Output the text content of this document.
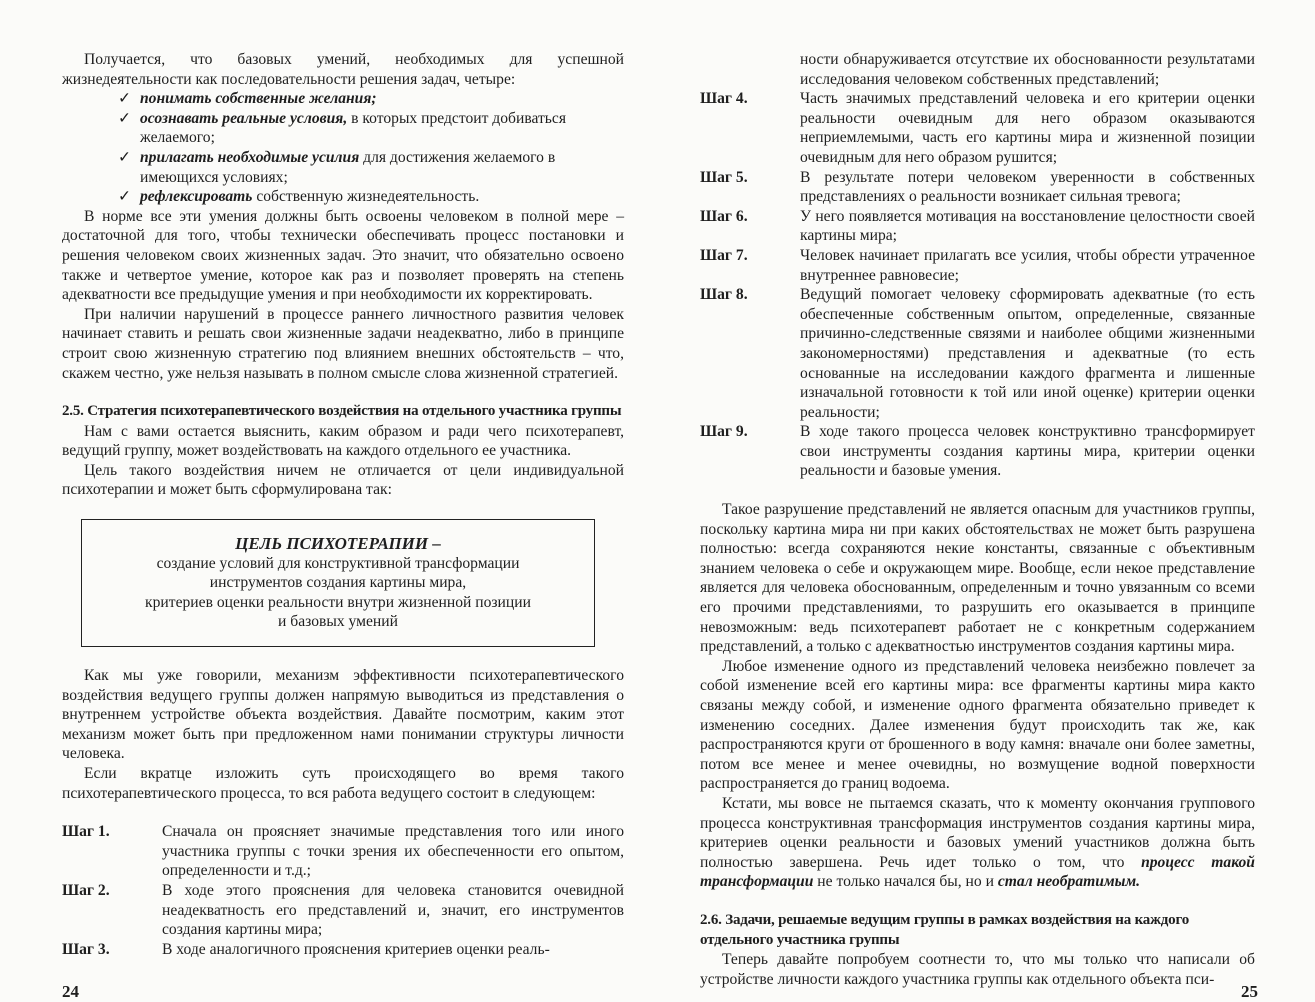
Получается, что базовых умений, необходимых для успешной жизнедеятельности как последовательности решения задач, четыре:

✓ понимать собственные желания;
✓ осознавать реальные условия, в которых предстоит добиваться желаемого;
✓ прилагать необходимые усилия для достижения желаемого в имеющихся условиях;
✓ рефлексировать собственную жизнедеятельность.

В норме все эти умения должны быть освоены человеком в полной мере – достаточной для того, чтобы технически обеспечивать процесс постановки и решения человеком своих жизненных задач. Это значит, что обязательно освоено также и четвертое умение, которое как раз и позволяет проверять на степень адекватности все предыдущие умения и при необходимости их корректировать.

При наличии нарушений в процессе раннего личностного развития человек начинает ставить и решать свои жизненные задачи неадекватно, либо в принципе строит свою жизненную стратегию под влиянием внешних обстоятельств – что, скажем честно, уже нельзя называть в полном смысле слова жизненной стратегией.

2.5. Стратегия психотерапевтического воздействия на отдельного участника группы

Нам с вами остается выяснить, каким образом и ради чего психотерапевт, ведущий группу, может воздействовать на каждого отдельного ее участника.

Цель такого воздействия ничем не отличается от цели индивидуальной психотерапии и может быть сформулирована так:

ЦЕЛЬ ПСИХОТЕРАПИИ –
создание условий для конструктивной трансформации
инструментов создания картины мира,
критериев оценки реальности внутри жизненной позиции
и базовых умений

Как мы уже говорили, механизм эффективности психотерапевтического воздействия ведущего группы должен напрямую выводиться из представления о внутреннем устройстве объекта воздействия. Давайте посмотрим, каким этот механизм может быть при предложенном нами понимании структуры личности человека.

Если вкратце изложить суть происходящего во время такого психотерапевтического процесса, то вся работа ведущего состоит в следующем:

Шаг 1.	Сначала он проясняет значимые представления того или иного участника группы с точки зрения их обеспеченности его опытом, определенности и т.д.;
Шаг 2.	В ходе этого прояснения для человека становится очевидной неадекватность его представлений и, значит, его инструментов создания картины мира;
Шаг 3.	В ходе аналогичного прояснения критериев оценки реаль-
ности обнаруживается отсутствие их обоснованности результатами исследования человеком собственных представлений;
Шаг 4.	Часть значимых представлений человека и его критерии оценки реальности очевидным для него образом оказываются неприемлемыми, часть его картины мира и жизненной позиции очевидным для него образом рушится;
Шаг 5.	В результате потери человеком уверенности в собственных представлениях о реальности возникает сильная тревога;
Шаг 6.	У него появляется мотивация на восстановление целостности своей картины мира;
Шаг 7.	Человек начинает прилагать все усилия, чтобы обрести утраченное внутреннее равновесие;
Шаг 8.	Ведущий помогает человеку сформировать адекватные (то есть обеспеченные собственным опытом, определенные, связанные причинно-следственные связями и наиболее общими жизненными закономерностями) представления и адекватные (то есть основанные на исследовании каждого фрагмента и лишенные изначальной готовности к той или иной оценке) критерии оценки реальности;
Шаг 9.	В ходе такого процесса человек конструктивно трансформирует свои инструменты создания картины мира, критерии оценки реальности и базовые умения.

Такое разрушение представлений не является опасным для участников группы, поскольку картина мира ни при каких обстоятельствах не может быть разрушена полностью: всегда сохраняются некие константы, связанные с объективным знанием человека о себе и окружающем мире. Вообще, если некое представление является для человека обоснованным, определенным и точно увязанным со всеми его прочими представлениями, то разрушить его оказывается в принципе невозможным: ведь психотерапевт работает не с конкретным содержанием представлений, а только с адекватностью инструментов создания картины мира.

Любое изменение одного из представлений человека неизбежно повлечет за собой изменение всей его картины мира: все фрагменты картины мира както связаны между собой, и изменение одного фрагмента обязательно приведет к изменению соседних. Далее изменения будут происходить так же, как распространяются круги от брошенного в воду камня: вначале они более заметны, потом все менее и менее очевидны, но возмущение водной поверхности распространяется до границ водоема.

Кстати, мы вовсе не пытаемся сказать, что к моменту окончания группового процесса конструктивная трансформация инструментов создания картины мира, критериев оценки реальности и базовых умений участников должна быть полностью завершена. Речь идет только о том, что процесс такой трансформации не только начался бы, но и стал необратимым.

2.6. Задачи, решаемые ведущим группы в рамках воздействия на каждого отдельного участника группы

Теперь давайте попробуем соотнести то, что мы только что написали об устройстве личности каждого участника группы как отдельного объекта пси-

24	25
